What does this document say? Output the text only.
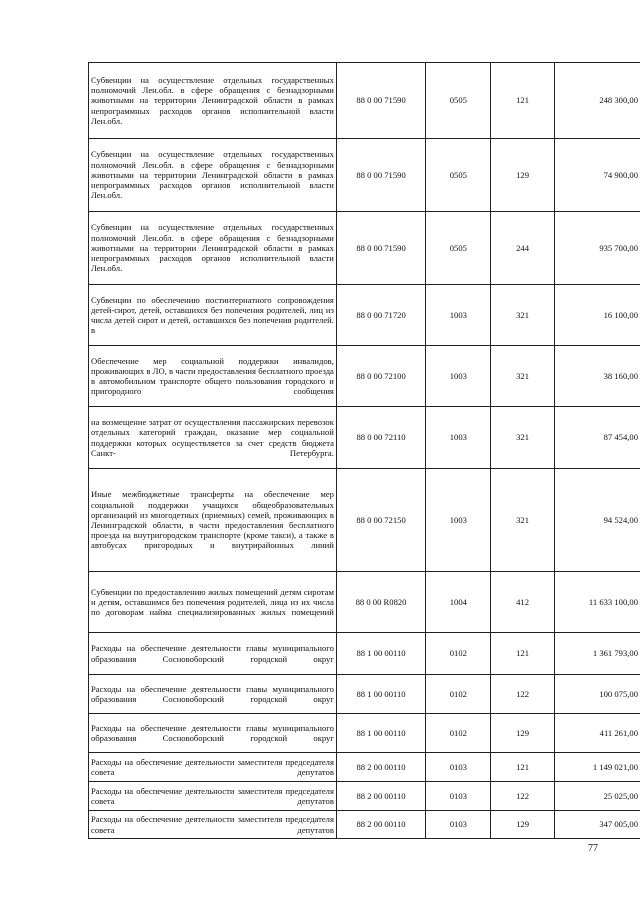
Субвенции на осуществление отдельных государственных полномочий Лен.обл. в сфере обращения с безнадзорными животными на территории Ленинградской области в рамках непрограммных расходов органов исполнительной власти Лен.обл.	88 0 00 71590	0505	121	248 300,00
Субвенции на осуществление отдельных государственных полномочий Лен.обл. в сфере обращения с безнадзорными животными на территории Ленинградской области в рамках непрограммных расходов органов исполнительной власти Лен.обл.	88 0 00 71590	0505	129	74 900,00
Субвенции на осуществление отдельных государственных полномочий Лен.обл. в сфере обращения с безнадзорными животными на территории Ленинградской области в рамках непрограммных расходов органов исполнительной власти Лен.обл.	88 0 00 71590	0505	244	935 700,00
Субвенции по обеспечению постинтернатного сопровождения детей-сирот, детей, оставшихся без попечения родителей, лиц из числа детей сирот и детей, оставшихся без попечения родителей. в	88 0 00 71720	1003	321	16 100,00
Обеспечение мер социальной поддержки инвалидов, проживающих в ЛО, в части предоставления бесплатного проезда в автомобильном транспорте общего пользования городского и пригородного сообщения	88 0 00 72100	1003	321	38 160,00
на возмещение затрат от осуществления пассажирских перевозок отдельных категорий граждан, оказание мер социальной поддержки которых осуществляется за счет средств бюджета Санкт- Петербурга.	88 0 00 72110	1003	321	87 454,00
Иные межбюджетные трансферты на обеспечение мер социальной поддержки учащихся общеобразовательных организаций из многодетных (приемных) семей, проживающих в Ленинградской области, в части предоставления бесплатного проезда на внутригородском транспорте (кроме такси), а также в автобусах пригородных и внутрирайонных линий	88 0 00 72150	1003	321	94 524,00
Субвенции по предоставлению жилых помещений детям сиротам и детям, оставшимся без попечения родителей, лица из их числа по договорам найма специализированных жилых помещений	88 0 00 R0820	1004	412	11 633 100,00
Расходы на обеспечение деятельности главы муниципального образования Сосновоборский городской округ	88 1 00 00110	0102	121	1 361 793,00
Расходы на обеспечение деятельности главы муниципального образования Сосновоборский городской округ	88 1 00 00110	0102	122	100 075,00
Расходы на обеспечение деятельности главы муниципального образования Сосновоборский городской округ	88 1 00 00110	0102	129	411 261,00
Расходы на обеспечение деятельности заместителя председателя совета депутатов	88 2 00 00110	0103	121	1 149 021,00
Расходы на обеспечение деятельности заместителя председателя совета депутатов	88 2 00 00110	0103	122	25 025,00
Расходы на обеспечение деятельности заместителя председателя совета депутатов	88 2 00 00110	0103	129	347 005,00
77
